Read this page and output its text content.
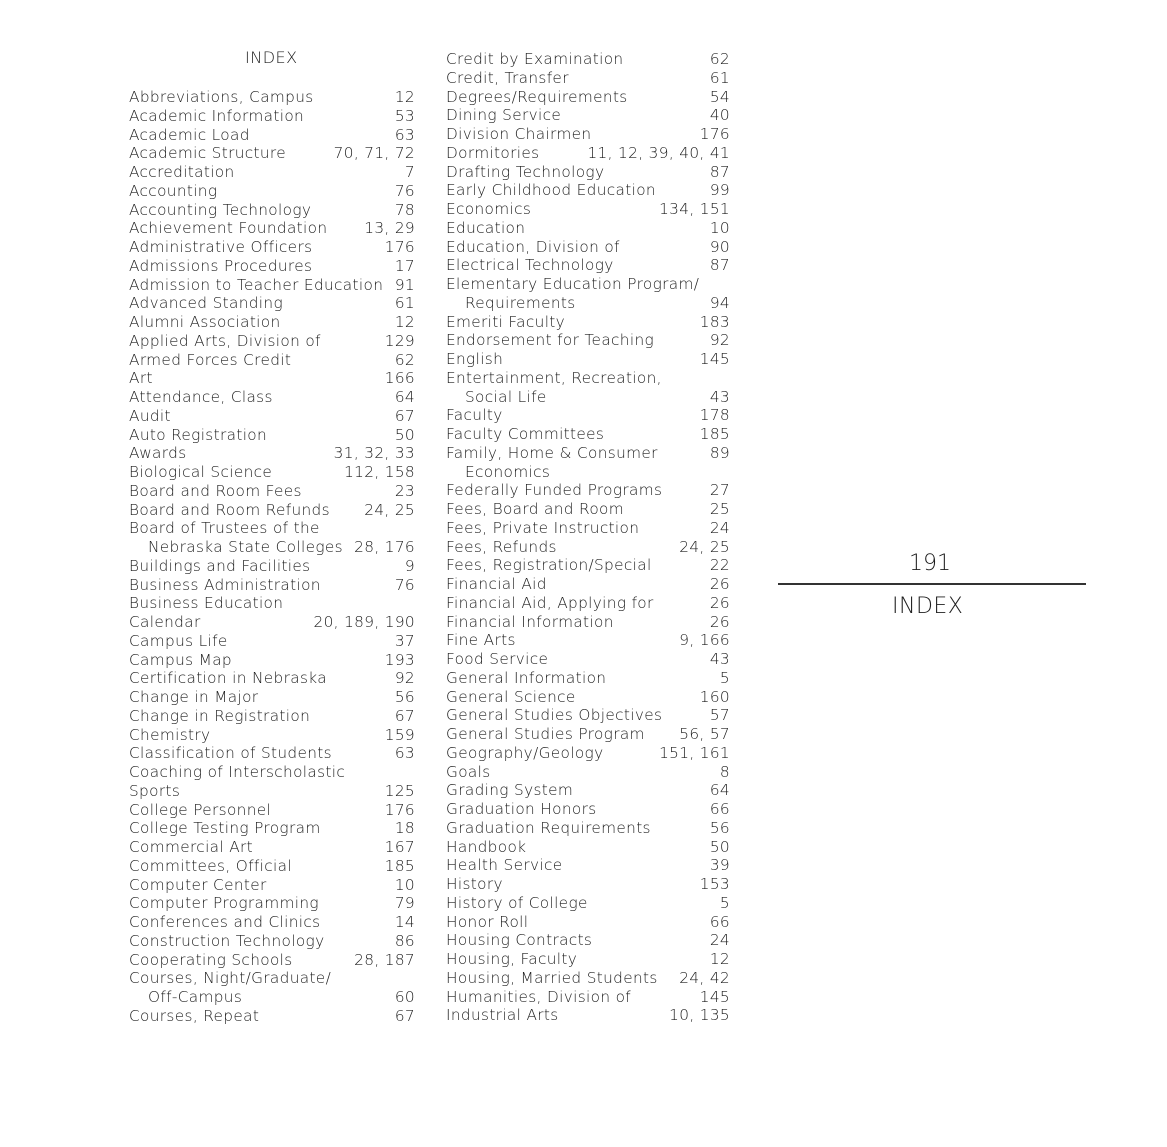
INDEX
Abbreviations, Campus	12
Academic Information	53
Academic Load	63
Academic Structure	70, 71, 72
Accreditation	7
Accounting	76
Accounting Technology	78
Achievement Foundation 13, 29
Administrative Officers	176
Admissions Procedures	17
Admission to Teacher Education 91
Advanced Standing	61
Alumni Association	12
Applied Arts, Division of	129
Armed Forces Credit	62
Art	166
Attendance, Class	64
Audit	67
Auto Registration	50
Awards	31, 32, 33
Biological Science	112, 158
Board and Room Fees	23
Board and Room Refunds 24, 25
Board of Trustees of the
Nebraska State Colleges 28, 176
Buildings and Facilities	9
Business Administration	76
Business Education
Calendar	20, 189, 190
Campus Life	37
Campus Map	193
Certification in Nebraska	92
Change in Major	56
Change in Registration	67
Chemistry	159
Classification of Students	63
Coaching of Interscholastic
Sports	125
College Personnel	176
College Testing Program	18
Commercial Art	167
Committees, Official	185
Computer Center	10
Computer Programming	79
Conferences and Clinics	14
Construction Technology	86
Cooperating Schools	28, 187
Courses, Night/Graduate/
Off-Campus	60
Courses, Repeat	67
Credit by Examination	62
Credit, Transfer	61
Degrees/Requirements	54
Dining Service	40
Division Chairmen	176
Dormitories	11, 12, 39, 40, 41
Drafting Technology	87
Early Childhood Education	99
Economics	134, 151
Education	10
Education, Division of	90
Electrical Technology	87
Elementary Education Program/
Requirements	94
Emeriti Faculty	183
Endorsement for Teaching	92
English	145
Entertainment, Recreation,
Social Life	43
Faculty	178
Faculty Committees	185
Family, Home & Consumer	89
Economics
Federally Funded Programs	27
Fees, Board and Room	25
Fees, Private Instruction	24
Fees, Refunds	24, 25
Fees, Registration/Special	22
Financial Aid	26
Financial Aid, Applying for	26
Financial Information	26
Fine Arts	9, 166
Food Service	43
General Information	5
General Science	160
General Studies Objectives	57
General Studies Program 56, 57
Geography/Geology	151, 161
Goals	8
Grading System	64
Graduation Honors	66
Graduation Requirements	56
Handbook	50
Health Service	39
History	153
History of College	5
Honor Roll	66
Housing Contracts	24
Housing, Faculty	12
Housing, Married Students 24, 42
Humanities, Division of	145
Industrial Arts	10, 135
191
INDEX
